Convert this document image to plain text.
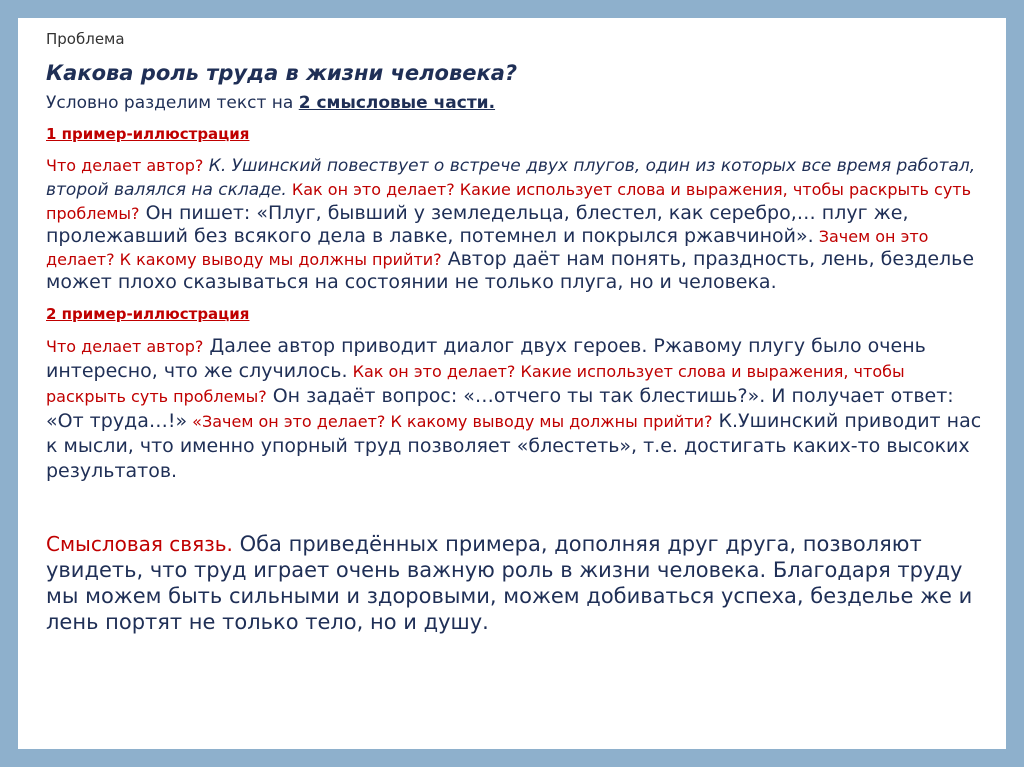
Проблема
Какова роль труда в жизни человека?
Условно разделим текст на 2 смысловые части.
1 пример-иллюстрация
Что делает автор? К. Ушинский повествует о встрече двух плугов, один из которых все время работал, второй валялся на складе. Как он это делает? Какие использует слова и выражения, чтобы раскрыть суть проблемы? Он пишет: «Плуг, бывший у земледельца, блестел, как серебро,… плуг же, пролежавший без всякого дела в лавке, потемнел и покрылся ржавчиной». Зачем он это делает? К какому выводу мы должны прийти? Автор даёт нам понять, праздность, лень, безделье может плохо сказываться на состоянии не только плуга, но и человека.
2 пример-иллюстрация
Что делает автор? Далее автор приводит диалог двух героев. Ржавому плугу было очень интересно, что же случилось. Как он это делает? Какие использует слова и выражения, чтобы раскрыть суть проблемы? Он задаёт вопрос: «…отчего ты так блестишь?». И получает ответ: «От труда…!» «Зачем он это делает? К какому выводу мы должны прийти? К.Ушинский приводит нас к мысли, что именно упорный труд позволяет «блестеть», т.е. достигать каких-то высоких результатов.
Смысловая связь. Оба приведённых примера, дополняя друг друга, позволяют увидеть, что труд играет очень важную роль в жизни человека. Благодаря труду мы можем быть сильными и здоровыми, можем добиваться успеха, безделье же и лень портят не только тело, но и душу.
